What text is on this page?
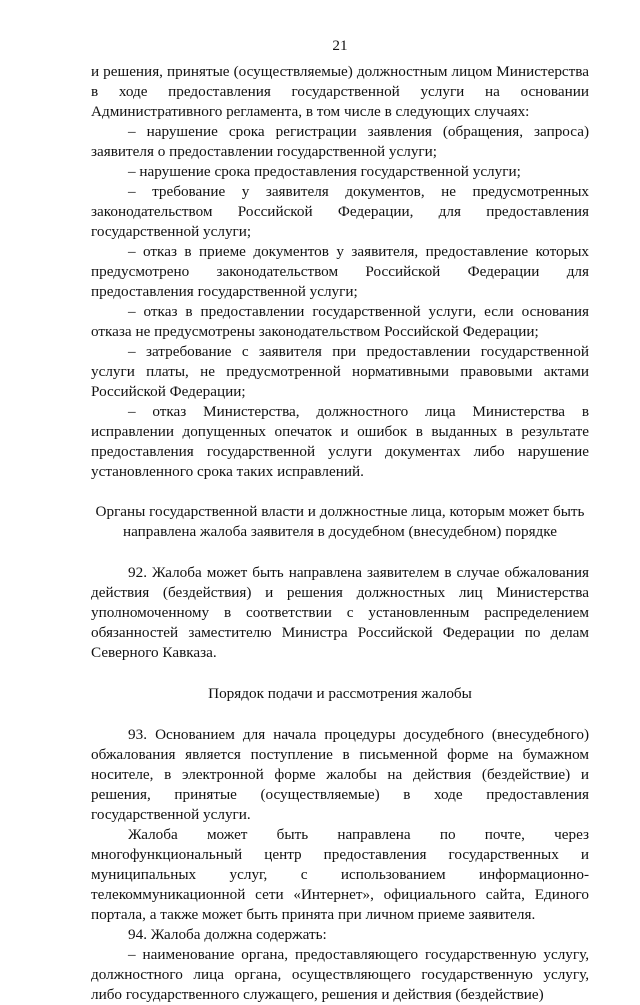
21

и решения, принятые (осуществляемые) должностным лицом Министерства в ходе предоставления государственной услуги на основании Административного регламента, в том числе в следующих случаях:

– нарушение срока регистрации заявления (обращения, запроса) заявителя о предоставлении государственной услуги;

– нарушение срока предоставления государственной услуги;

– требование у заявителя документов, не предусмотренных законодательством Российской Федерации, для предоставления государственной услуги;

– отказ в приеме документов у заявителя, предоставление которых предусмотрено законодательством Российской Федерации для предоставления государственной услуги;

– отказ в предоставлении государственной услуги, если основания отказа не предусмотрены законодательством Российской Федерации;

– затребование с заявителя при предоставлении государственной услуги платы, не предусмотренной нормативными правовыми актами Российской Федерации;

– отказ Министерства, должностного лица Министерства в исправлении допущенных опечаток и ошибок в выданных в результате предоставления государственной услуги документах либо нарушение установленного срока таких исправлений.

Органы государственной власти и должностные лица, которым может быть направлена жалоба заявителя в досудебном (внесудебном) порядке

92. Жалоба может быть направлена заявителем в случае обжалования действия (бездействия) и решения должностных лиц Министерства уполномоченному в соответствии с установленным распределением обязанностей заместителю Министра Российской Федерации по делам Северного Кавказа.

Порядок подачи и рассмотрения жалобы

93. Основанием для начала процедуры досудебного (внесудебного) обжалования является поступление в письменной форме на бумажном носителе, в электронной форме жалобы на действия (бездействие) и решения, принятые (осуществляемые) в ходе предоставления государственной услуги.

Жалоба может быть направлена по почте, через многофункциональный центр предоставления государственных и муниципальных услуг, с использованием информационно-телекоммуникационной сети «Интернет», официального сайта, Единого портала, а также может быть принята при личном приеме заявителя.

94. Жалоба должна содержать:

– наименование органа, предоставляющего государственную услугу, должностного лица органа, осуществляющего государственную услугу, либо государственного служащего, решения и действия (бездействие)
